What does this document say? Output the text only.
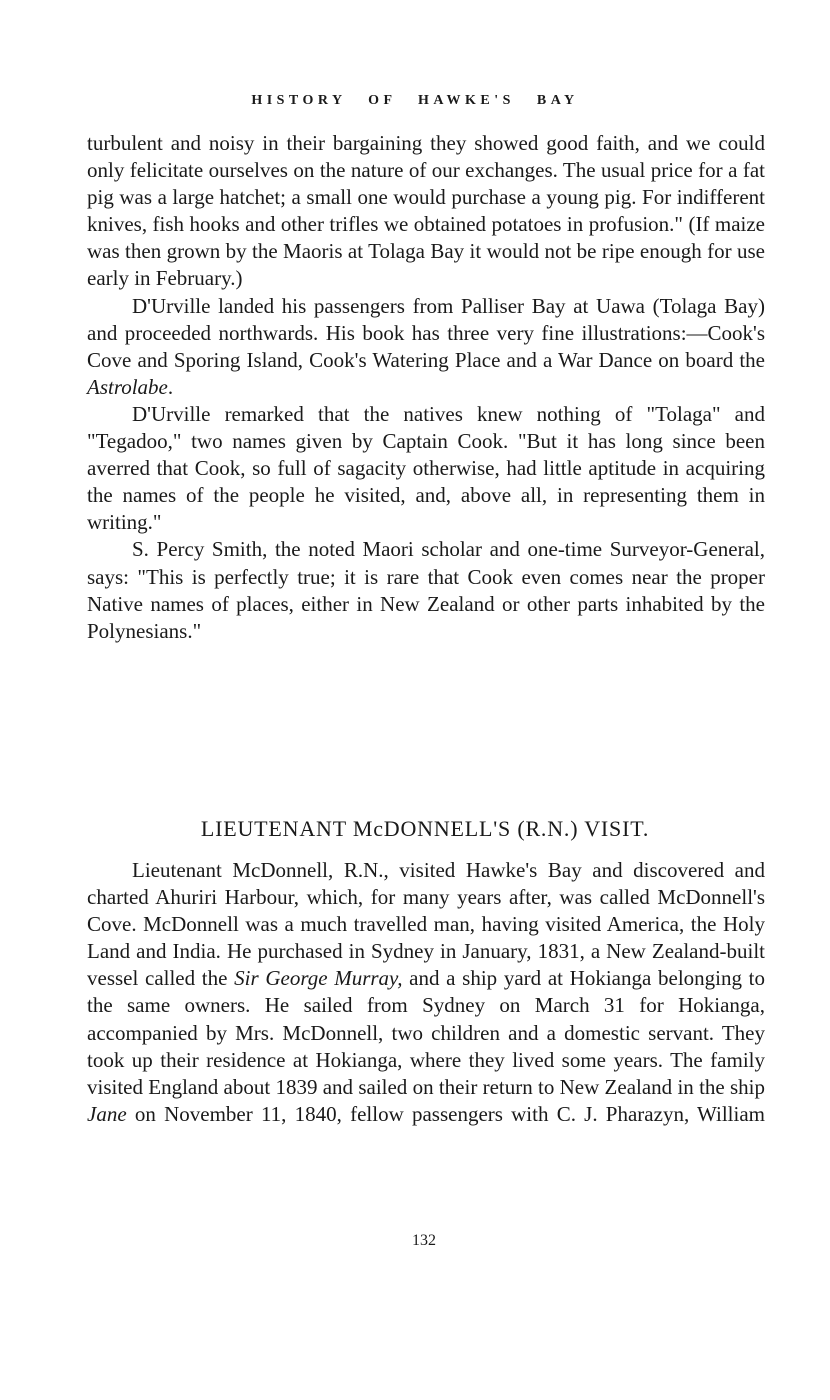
HISTORY OF HAWKE'S BAY

turbulent and noisy in their bargaining they showed good faith, and we could only felicitate ourselves on the nature of our exchanges. The usual price for a fat pig was a large hatchet; a small one would purchase a young pig. For indifferent knives, fish hooks and other trifles we obtained potatoes in profusion." (If maize was then grown by the Maoris at Tolaga Bay it would not be ripe enough for use early in February.)

D'Urville landed his passengers from Palliser Bay at Uawa (Tolaga Bay) and proceeded northwards. His book has three very fine illustrations:—Cook's Cove and Sporing Island, Cook's Watering Place and a War Dance on board the Astrolabe.

D'Urville remarked that the natives knew nothing of "Tolaga" and "Tegadoo," two names given by Captain Cook. "But it has long since been averred that Cook, so full of sagacity otherwise, had little aptitude in acquiring the names of the people he visited, and, above all, in representing them in writing."

S. Percy Smith, the noted Maori scholar and one-time Surveyor-General, says: "This is perfectly true; it is rare that Cook even comes near the proper Native names of places, either in New Zealand or other parts inhabited by the Polynesians."

LIEUTENANT McDONNELL'S (R.N.) VISIT.

Lieutenant McDonnell, R.N., visited Hawke's Bay and discovered and charted Ahuriri Harbour, which, for many years after, was called McDonnell's Cove. McDonnell was a much travelled man, having visited America, the Holy Land and India. He purchased in Sydney in January, 1831, a New Zealand-built vessel called the Sir George Murray, and a ship yard at Hokianga belonging to the same owners. He sailed from Sydney on March 31 for Hokianga, accompanied by Mrs. McDonnell, two children and a domestic servant. They took up their residence at Hokianga, where they lived some years. The family visited England about 1839 and sailed on their return to New Zealand in the ship Jane on November 11, 1840, fellow passengers with C. J. Pharazyn, William

132
